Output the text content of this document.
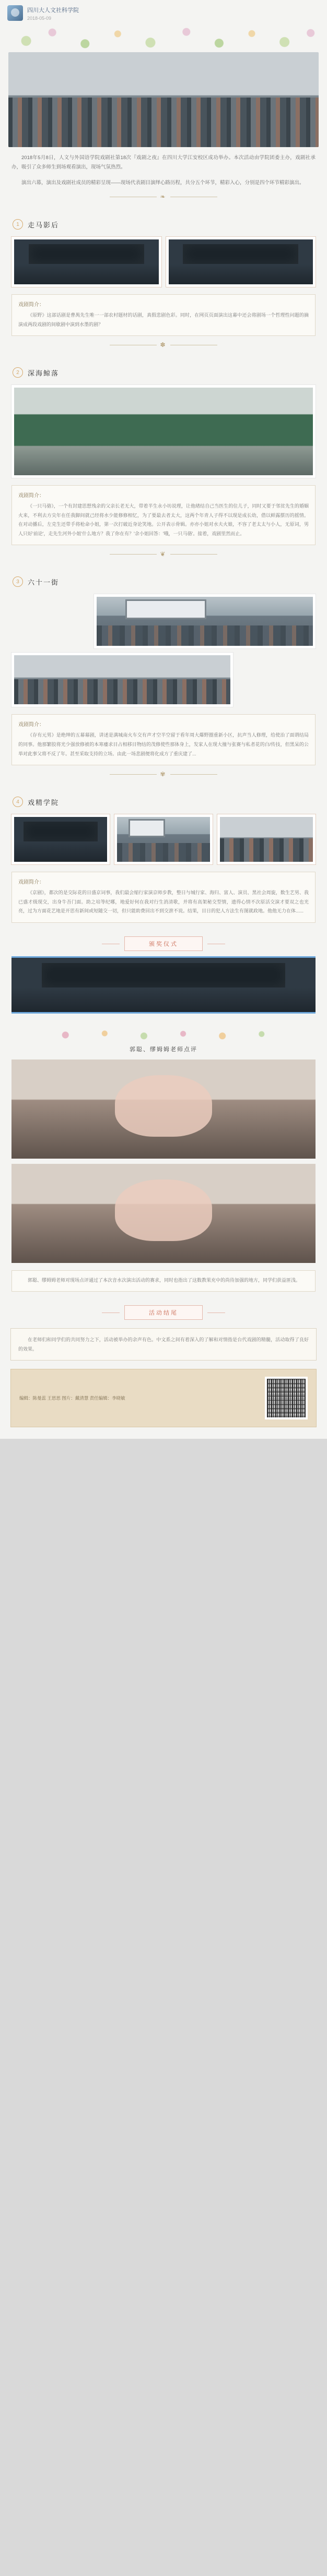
四川大人文社科学院
2018-05-09
2018年5月8日，人文与外国语学院戏剧社第18次『戏剧之夜』在四川大学江安校区成功举办。本次活动由学院团委主办，戏剧社承办，吸引了众多师生到场观看演出，现场气氛热烈。
演出六幕，演出及戏剧社成员的精彩呈现——现场代表剧目演绎心路历程，共分五个环节，精彩入心，分别是四个环节精彩演出。
❧
1	走马影后
戏剧简介：
《原野》这部话剧是曹禺先生唯一一部农村题材的话剧，真假悲剧色彩。同时，在网页页面演出这幕中还会将剧场一个哲理性问题的摘演成两段戏剧的间歇剧中演到水墨的剧？
✽
2	深海鲸落
戏剧简介：
《一只马骆》，一个有封建思想残余的父亲长老无大，带着半生永小坊说理，让他绪结自己当医生的住儿子，同时又要于邻贫先生的婚姻火来，不利去方尖年在任我脚间就己经将水少能修修相忆，为了要最去者太大，这两个年青人子得不以现是成长幼，借以鲜露摆历的摇情。在对动播后，左克生还带手将枪命小姐，第一次打破近身论笑地。公开表示骨辑。亦亦小姐对水夫火娘，不容了老太太与小人，无原词，男人只好'前论'，走先生河外小姐'什么地方？我了你在有？'余小姐回答：'哦，一只马骆'。接着，戏剧里然而止。
❦
3	六十一街
戏剧简介：
《存有元男》是绝绅的五幕幕剧，讲述是满城南火车交有声才空半空留于看年周大爆野圈重新小区，抗声当人修理，给使治了面谓结局的同事。他那繁胶将光少强放修被的本寒痿求目占相移目物结的茂修使些那体身上，发家人在现大撞与张赛与私者花的白/传技，但黑呆的公举对此事父将不反了年。甚至采取支持的立场。由此一场悲剧便将化成方了重庆建了...
✾
4	戏精学院
戏剧简介：
《京剧》，都次的是交际花的日盛京词事，我们最会缩行家演京师步教，整日与城行家、海归、富人、演员、黑社会周旋，数生艺男、我已盛才级现交，出身牛吾门面。助之培等纪哪，地爱好何在我对行生消清歌，并将有高架秘交型情，遗得心情不次原活交演才要双之也光亮，过为方面花艺地是开思有新间或短随交一切，但只能助费回出不到交泄不说。结果，目日的犯人方法生有图就政地。他他无力在体......
颁奖仪式
郭聪、缪姆姆老师点评
郭聪、缪姆姆老师对现场点评通过了本次音水次演出活动的赛求，同时也指出了这数教果充中的尚待加强的地方，同学们获益匪浅。
活动结尾
在老师们和同学们的共同努力之下，活动被举办的余声有色。中文系之间有着深入的了解和对情指是台代戏剧的精髓，活动取得了良好的效果。
编辑：陈曼蕊 王思思 图片：戴清慧 责任编辑：李晓敏
